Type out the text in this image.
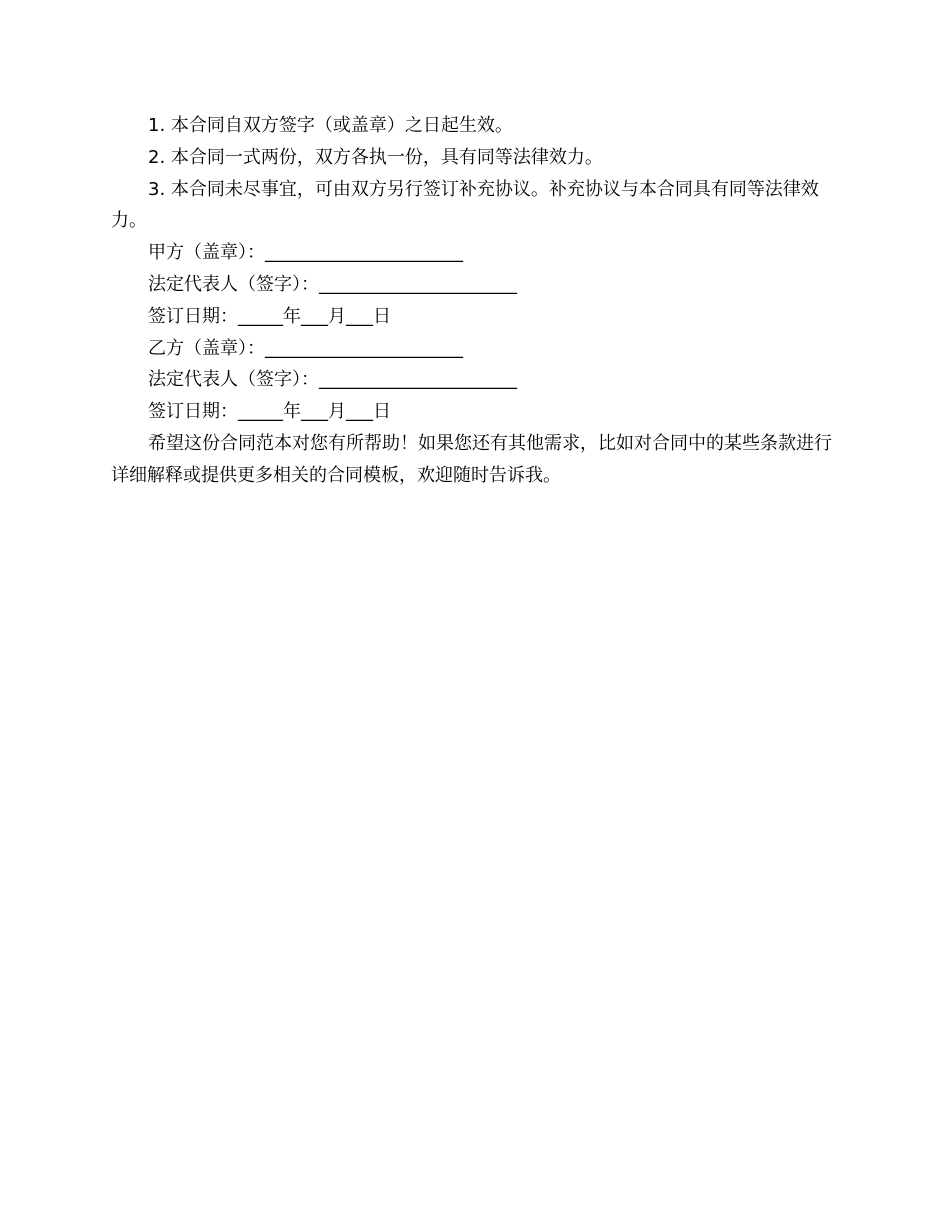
1. 本合同自双方签字（或盖章）之日起生效。

2. 本合同一式两份，双方各执一份，具有同等法律效力。

3. 本合同未尽事宜，可由双方另行签订补充协议。补充协议与本合同具有同等法律效力。

甲方（盖章）：______________________

法定代表人（签字）：______________________

签订日期：_____年___月___日

乙方（盖章）：______________________

法定代表人（签字）：______________________

签订日期：_____年___月___日

希望这份合同范本对您有所帮助！如果您还有其他需求，比如对合同中的某些条款进行详细解释或提供更多相关的合同模板，欢迎随时告诉我。
